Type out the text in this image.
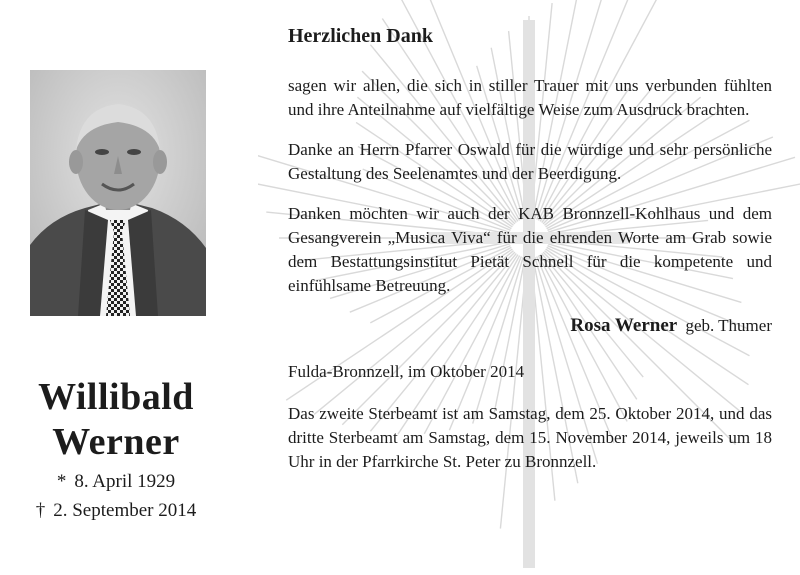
Willibald
Werner
* 8. April 1929
† 2. September 2014
Herzlichen Dank

sagen wir allen, die sich in stiller Trauer mit uns verbunden fühlten und ihre Anteilnahme auf vielfältige Weise zum Ausdruck brachten.

Danke an Herrn Pfarrer Oswald für die würdige und sehr persönliche Gestaltung des Seelenamtes und der Beerdigung.

Danken möchten wir auch der KAB Bronnzell-Kohlhaus und dem Gesangverein „Musica Viva“ für die ehrenden Worte am Grab sowie dem Bestattungsinstitut Pietät Schnell für die kompetente und einfühlsame Betreuung.

Rosa Werner geb. Thumer
Fulda-Bronnzell, im Oktober 2014

Das zweite Sterbeamt ist am Samstag, dem 25. Oktober 2014, und das dritte Sterbeamt am Samstag, dem 15. November 2014, jeweils um 18 Uhr in der Pfarrkirche St. Peter zu Bronnzell.
